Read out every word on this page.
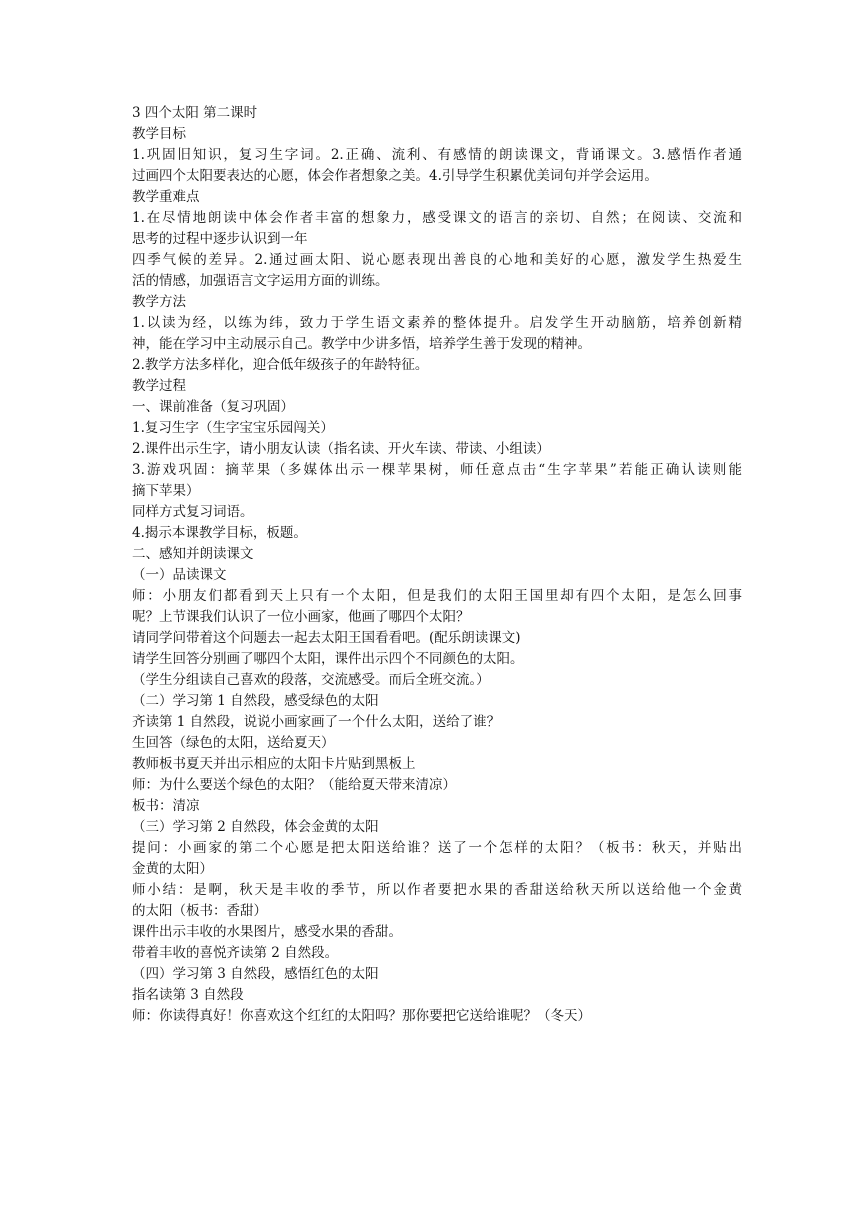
3 四个太阳 第二课时
教学目标
1.巩固旧知识，复习生字词。2.正确、流利、有感情的朗读课文，背诵课文。3.感悟作者通
过画四个太阳要表达的心愿，体会作者想象之美。4.引导学生积累优美词句并学会运用。
教学重难点
1.在尽情地朗读中体会作者丰富的想象力，感受课文的语言的亲切、自然；在阅读、交流和
思考的过程中逐步认识到一年
四季气候的差异。2.通过画太阳、说心愿表现出善良的心地和美好的心愿，激发学生热爱生
活的情感，加强语言文字运用方面的训练。
教学方法
1.以读为经，以练为纬，致力于学生语文素养的整体提升。启发学生开动脑筋，培养创新精
神，能在学习中主动展示自己。教学中少讲多悟，培养学生善于发现的精神。
2.教学方法多样化，迎合低年级孩子的年龄特征。
教学过程
一、课前准备（复习巩固）
1.复习生字（生字宝宝乐园闯关）
2.课件出示生字，请小朋友认读（指名读、开火车读、带读、小组读）
3.游戏巩固：摘苹果（多媒体出示一棵苹果树，师任意点击“生字苹果”若能正确认读则能
摘下苹果）
同样方式复习词语。
4.揭示本课教学目标，板题。
二、感知并朗读课文
（一）品读课文
师：小朋友们都看到天上只有一个太阳，但是我们的太阳王国里却有四个太阳，是怎么回事
呢？上节课我们认识了一位小画家，他画了哪四个太阳？
请同学问带着这个问题去一起去太阳王国看看吧。(配乐朗读课文)
请学生回答分别画了哪四个太阳，课件出示四个不同颜色的太阳。
（学生分组读自己喜欢的段落，交流感受。而后全班交流。）
（二）学习第 1 自然段，感受绿色的太阳
齐读第 1 自然段，说说小画家画了一个什么太阳，送给了谁？
生回答（绿色的太阳，送给夏天）
教师板书夏天并出示相应的太阳卡片贴到黑板上
师：为什么要送个绿色的太阳？（能给夏天带来清凉）
板书：清凉
（三）学习第 2 自然段，体会金黄的太阳
提问：小画家的第二个心愿是把太阳送给谁？送了一个怎样的太阳？（板书：秋天，并贴出
金黄的太阳）
师小结：是啊，秋天是丰收的季节，所以作者要把水果的香甜送给秋天所以送给他一个金黄
的太阳（板书：香甜）
课件出示丰收的水果图片，感受水果的香甜。
带着丰收的喜悦齐读第 2 自然段。
（四）学习第 3 自然段，感悟红色的太阳
指名读第 3 自然段
师：你读得真好！你喜欢这个红红的太阳吗？那你要把它送给谁呢？（冬天）
